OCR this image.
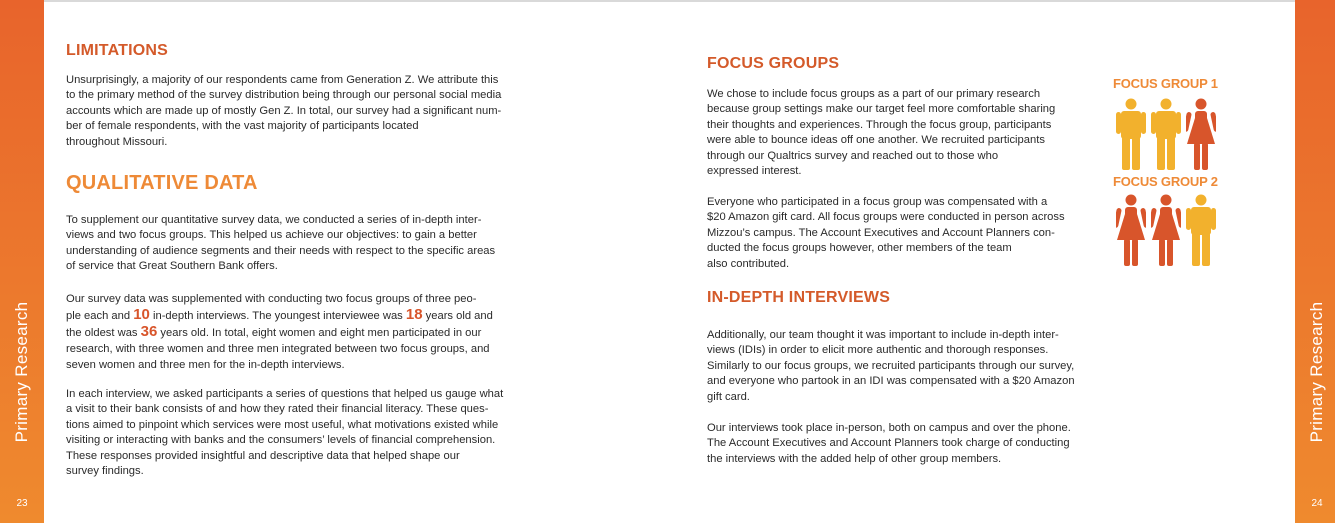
Primary Research
23
Primary Research
24
LIMITATIONS
Unsurprisingly, a majority of our respondents came from Generation Z. We attribute this
to the primary method of the survey distribution being through our personal social media
accounts which are made up of mostly Gen Z. In total, our survey had a significant num-
ber of female respondents, with the vast majority of participants located
throughout Missouri.
QUALITATIVE DATA
To supplement our quantitative survey data, we conducted a series of in-depth inter-
views and two focus groups. This helped us achieve our objectives: to gain a better
understanding of audience segments and their needs with respect to the specific areas
of service that Great Southern Bank offers.
Our survey data was supplemented with conducting two focus groups of three peo-
ple each and 10 in-depth interviews. The youngest interviewee was 18 years old and
the oldest was 36 years old. In total, eight women and eight men participated in our
research, with three women and three men integrated between two focus groups, and
seven women and three men for the in-depth interviews.
In each interview, we asked participants a series of questions that helped us gauge what
a visit to their bank consists of and how they rated their financial literacy. These ques-
tions aimed to pinpoint which services were most useful, what motivations existed while
visiting or interacting with banks and the consumers’ levels of financial comprehension.
These responses provided insightful and descriptive data that helped shape our
survey findings.
FOCUS GROUPS
We chose to include focus groups as a part of our primary research
because group settings make our target feel more comfortable sharing
their thoughts and experiences. Through the focus group, participants
were able to bounce ideas off one another. We recruited participants
through our Qualtrics survey and reached out to those who
expressed interest.
Everyone who participated in a focus group was compensated with a
$20 Amazon gift card. All focus groups were conducted in person across
Mizzou’s campus. The Account Executives and Account Planners con-
ducted the focus groups however, other members of the team
also contributed.
FOCUS GROUP 1
FOCUS GROUP 2
IN-DEPTH INTERVIEWS
Additionally, our team thought it was important to include in-depth inter-
views (IDIs) in order to elicit more authentic and thorough responses.
Similarly to our focus groups, we recruited participants through our survey,
and everyone who partook in an IDI was compensated with a $20 Amazon
gift card.
Our interviews took place in-person, both on campus and over the phone.
The Account Executives and Account Planners took charge of conducting
the interviews with the added help of other group members.
